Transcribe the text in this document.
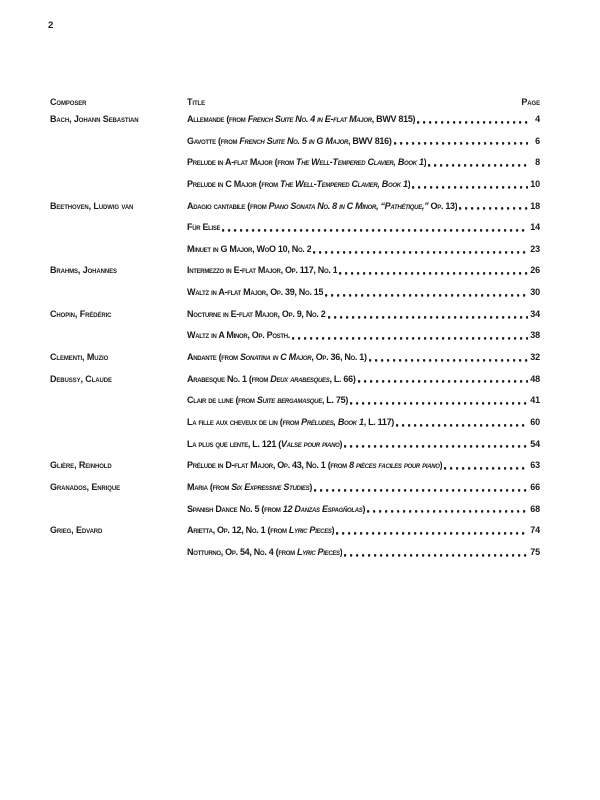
2
Composer	Title	Page
Bach, Johann Sebastian	Allemande (from French Suite No. 4 in E-flat Major, BWV 815)	4
Gavotte (from French Suite No. 5 in G Major, BWV 816)	6
Prelude in A-flat Major (from The Well-Tempered Clavier, Book 1)	8
Prelude in C Major (from The Well-Tempered Clavier, Book 1)	10
Beethoven, Ludwig van	Adagio cantabile (from Piano Sonata No. 8 in C Minor, “Pathétique,” Op. 13)	18
Für Elise	14
Minuet in G Major, WoO 10, No. 2	23
Brahms, Johannes	Intermezzo in E-flat Major, Op. 117, No. 1	26
Waltz in A-flat Major, Op. 39, No. 15	30
Chopin, Frédéric	Nocturne in E-flat Major, Op. 9, No. 2	34
Waltz in A Minor, Op. Posth.	38
Clementi, Muzio	Andante (from Sonatina in C Major, Op. 36, No. 1)	32
Debussy, Claude	Arabesque No. 1 (from Deux arabesques, L. 66)	48
Clair de lune (from Suite bergamasque, L. 75)	41
La fille aux cheveux de lin (from Préludes, Book 1, L. 117)	60
La plus que lente, L. 121 (Valse pour piano)	54
Glière, Reinhold	Prélude in D-flat Major, Op. 43, No. 1 (from 8 pièces faciles pour piano)	63
Granados, Enrique	Maria (from Six Expressive Studies)	66
Spanish Dance No. 5 (from 12 Danzas Espagñolas)	68
Grieg, Edvard	Arietta, Op. 12, No. 1 (from Lyric Pieces)	74
Notturno, Op. 54, No. 4 (from Lyric Pieces)	75
